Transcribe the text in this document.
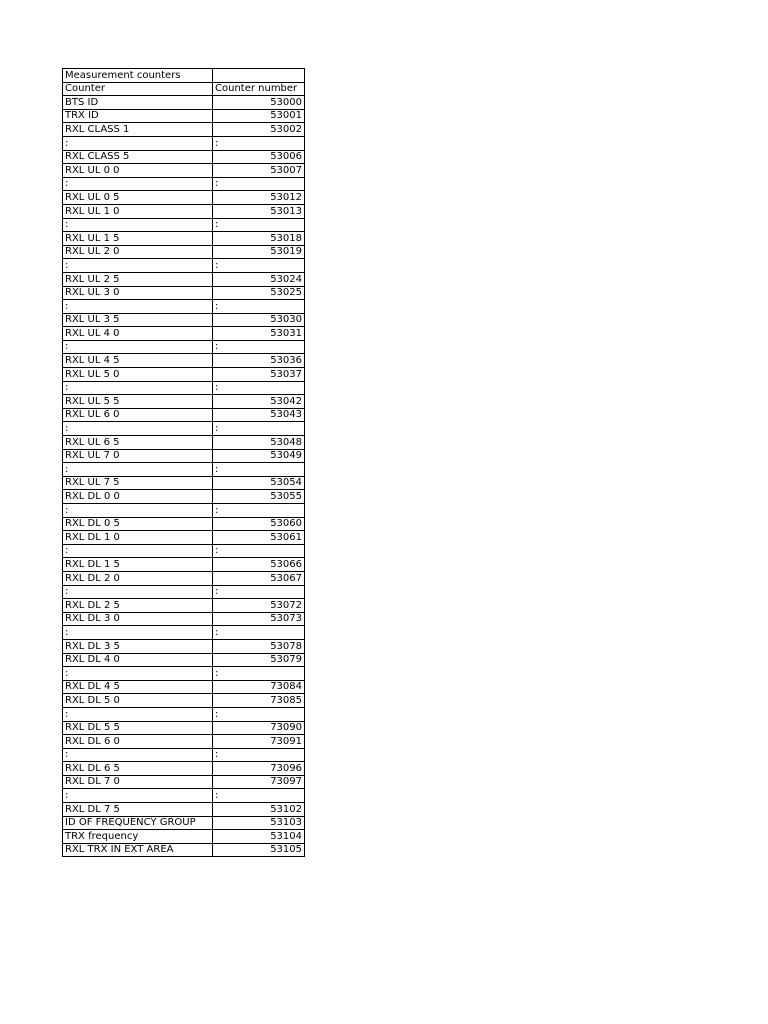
Measurement counters	
Counter	Counter number
BTS ID	53000
TRX ID	53001
RXL CLASS 1	53002
:	:
RXL CLASS 5	53006
RXL UL 0 0	53007
:	:
RXL UL 0 5	53012
RXL UL 1 0	53013
:	:
RXL UL 1 5	53018
RXL UL 2 0	53019
:	:
RXL UL 2 5	53024
RXL UL 3 0	53025
:	:
RXL UL 3 5	53030
RXL UL 4 0	53031
:	:
RXL UL 4 5	53036
RXL UL 5 0	53037
:	:
RXL UL 5 5	53042
RXL UL 6 0	53043
:	:
RXL UL 6 5	53048
RXL UL 7 0	53049
:	:
RXL UL 7 5	53054
RXL DL 0 0	53055
:	:
RXL DL 0 5	53060
RXL DL 1 0	53061
:	:
RXL DL 1 5	53066
RXL DL 2 0	53067
:	:
RXL DL 2 5	53072
RXL DL 3 0	53073
:	:
RXL DL 3 5	53078
RXL DL 4 0	53079
:	:
RXL DL 4 5	73084
RXL DL 5 0	73085
:	:
RXL DL 5 5	73090
RXL DL 6 0	73091
:	:
RXL DL 6 5	73096
RXL DL 7 0	73097
:	:
RXL DL 7 5	53102
ID OF FREQUENCY GROUP	53103
TRX frequency	53104
RXL TRX IN EXT AREA	53105
